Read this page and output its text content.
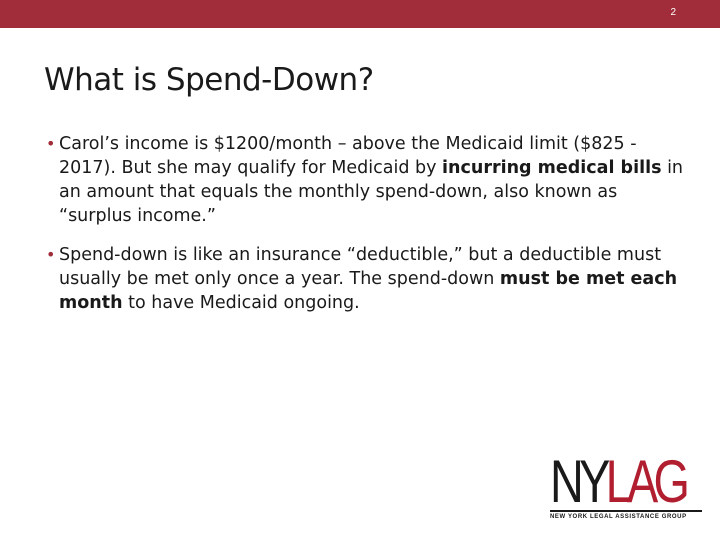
2
What is Spend-Down?
• Carol’s income is $1200/month – above the Medicaid limit ($825 - 2017). But she may qualify for Medicaid by incurring medical bills in an amount that equals the monthly spend-down, also known as “surplus income.”
• Spend-down is like an insurance “deductible,” but a deductible must usually be met only once a year. The spend-down must be met each month to have Medicaid ongoing.
NYLAG
NEW YORK LEGAL ASSISTANCE GROUP
